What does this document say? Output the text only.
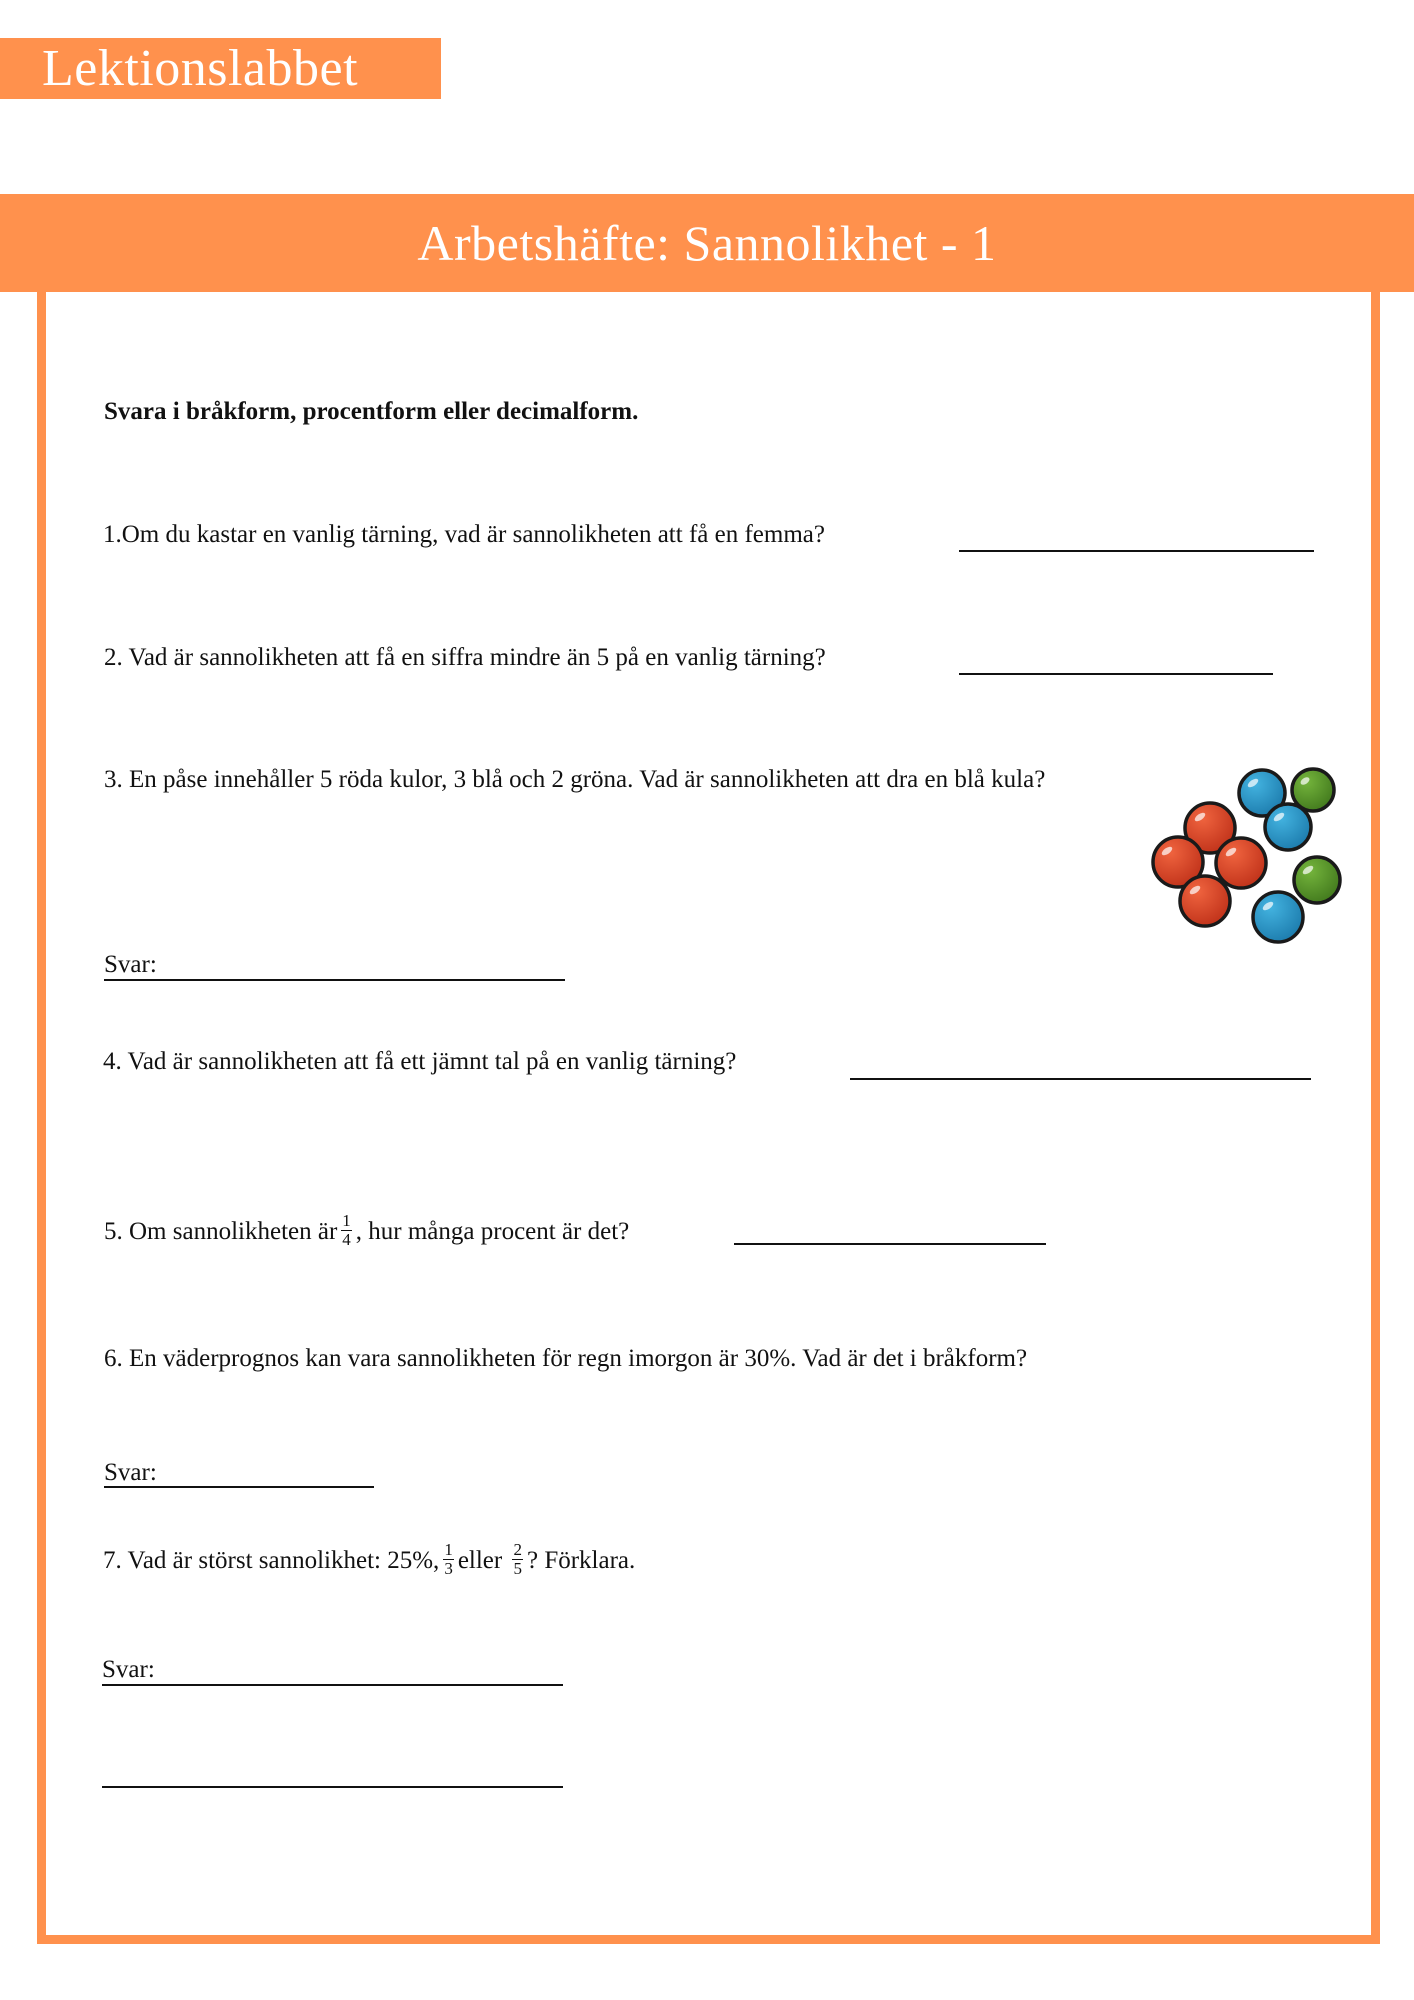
Lektionslabbet
Arbetshäfte: Sannolikhet - 1
Svara i bråkform, procentform eller decimalform.
1.Om du kastar en vanlig tärning, vad är sannolikheten att få en femma?
2. Vad är sannolikheten att få en siffra mindre än 5 på en vanlig tärning?
3. En påse innehåller 5 röda kulor, 3 blå och 2 gröna. Vad är sannolikheten att dra en blå kula?
Svar:
4. Vad är sannolikheten att få ett jämnt tal på en vanlig tärning?
5. Om sannolikheten är $\frac{1}{4}$ , hur många procent är det?
6. En väderprognos kan vara sannolikheten för regn imorgon är 30%. Vad är det i bråkform?
Svar:
7. Vad är störst sannolikhet: 25%, $\frac{1}{3}$ eller $\frac{2}{5}$ ? Förklara.
Svar:
